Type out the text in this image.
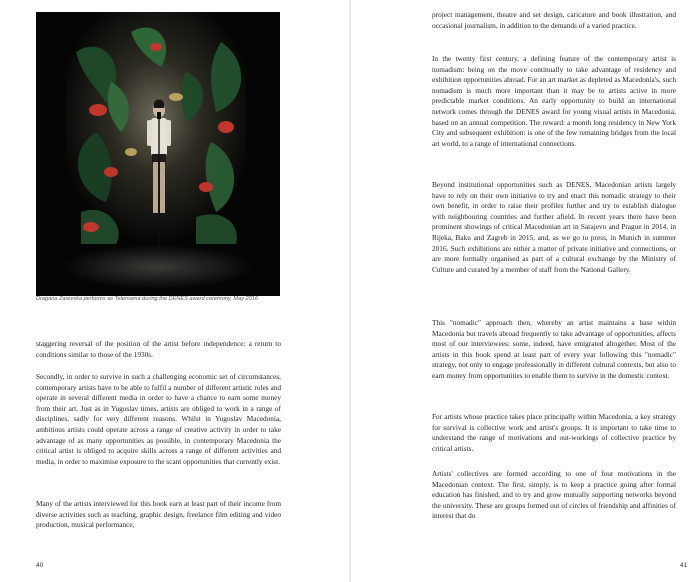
Dragana Zarevska performs as Telemama during the DENES award ceremony, May 2016

staggering reversal of the position of the artist before independence: a return to conditions similar to those of the 1930s.

Secondly, in order to survive in such a challenging economic set of circumstances, contemporary artists have to be able to fulfil a number of different artistic roles and operate in several different media in order to have a chance to earn some money from their art. Just as in Yugoslav times, artists are obliged to work in a range of disciplines, sadly for very different reasons. Whilst in Yugoslav Macedonia, ambitious artists could operate across a range of creative activity in order to take advantage of as many opportunities as possible, in contemporary Macedonia the critical artist is obliged to acquire skills across a range of different activities and media, in order to maximise exposure to the scant opportunities that currently exist.

Many of the artists interviewed for this book earn at least part of their income from diverse activities such as teaching, graphic design, freelance film editing and video production, musical performance,

40

project management, theatre and set design, caricature and book illustration, and occasional journalism, in addition to the demands of a varied practice.

In the twenty first century, a defining feature of the contemporary artist is nomadism: being on the move continually to take advantage of residency and exhibition opportunities abroad. For an art market as depleted as Macedonia's, such nomadism is much more important than it may be to artists active in more predictable market conditions. An early opportunity to build an international network comes through the DENES award for young visual artists in Macedonia, based on an annual competition. The reward: a month long residency in New York City and subsequent exhibition: is one of the few remaining bridges from the local art world, to a range of international connections.

Beyond institutional opportunities such as DENES, Macedonian artists largely have to rely on their own initiative to try and enact this nomadic strategy to their own benefit, in order to raise their profiles further and try to establish dialogue with neighbouring countries and further afield. In recent years there have been prominent showings of critical Macedonian art in Sarajevo and Prague in 2014, in Rijeka, Baku and Zagreb in 2015, and, as we go to press, in Munich in summer 2016. Such exhibitions are either a matter of private initiative and connections, or are more formally organised as part of a cultural exchange by the Ministry of Culture and curated by a member of staff from the National Gallery.

This "nomadic" approach then, whereby an artist maintains a base within Macedonia but travels abroad frequently to take advantage of opportunities, affects most of our interviewees: some, indeed, have emigrated altogether. Most of the artists in this book spend at least part of every year following this "nomadic" strategy, not only to engage professionally in different cultural contexts, but also to earn money from opportunities to enable them to survive in the domestic context.

For artists whose practice takes place principally within Macedonia, a key strategy for survival is collective work and artist's groups. It is important to take time to understand the range of motivations and out-workings of collective practice by critical artists.

Artists' collectives are formed according to one of four motivations in the Macedonian context. The first, simply, is to keep a practice going after formal education has finished, and to try and grow mutually supporting networks beyond the university. These are groups formed out of circles of friendship and affinities of interest that do

41
